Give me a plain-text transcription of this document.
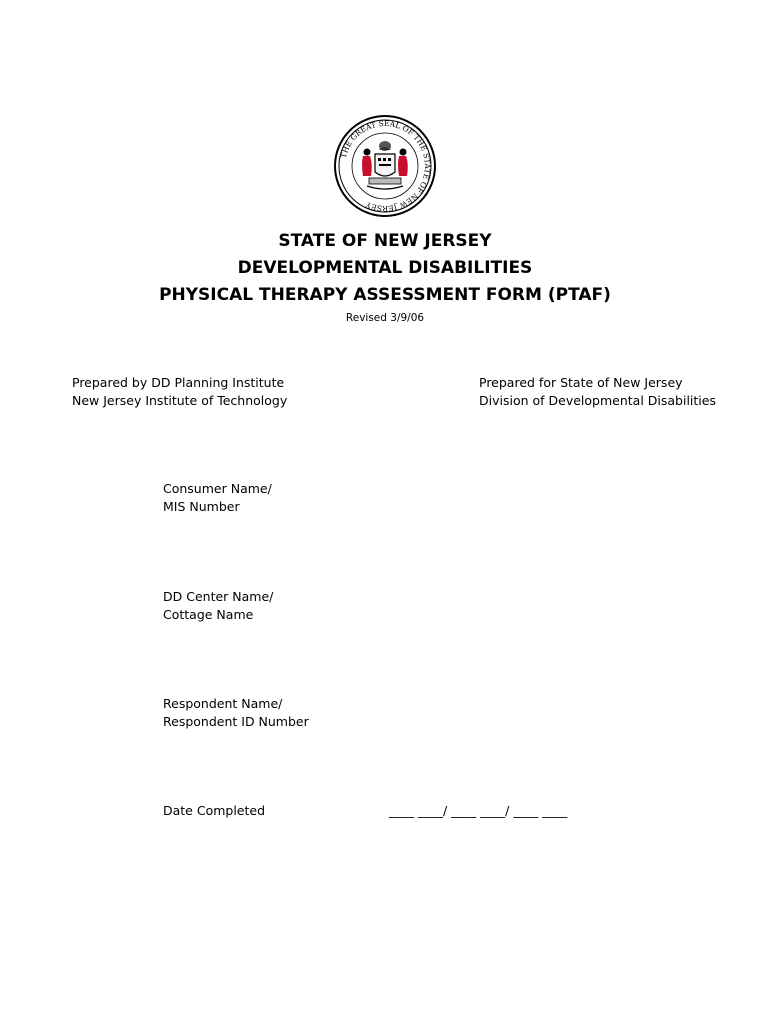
THE GREAT SEAL OF THE STATE OF NEW JERSEY
STATE OF NEW JERSEY
DEVELOPMENTAL DISABILITIES
PHYSICAL THERAPY ASSESSMENT FORM (PTAF)
Revised 3/9/06
Prepared by DD Planning Institute
New Jersey Institute of Technology
Prepared for State of New Jersey
Division of Developmental Disabilities
Consumer Name/
MIS Number
DD Center Name/
Cottage Name
Respondent Name/
Respondent ID Number
Date Completed	____ ____/ ____ ____/ ____ ____
